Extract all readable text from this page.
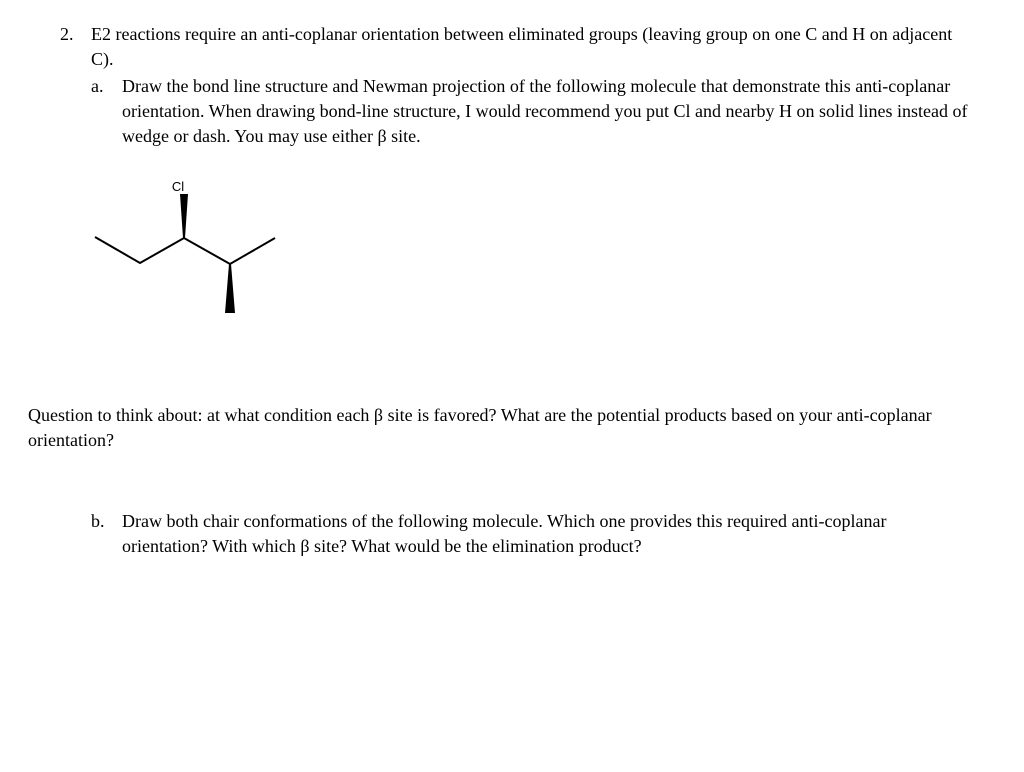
2. E2 reactions require an anti-coplanar orientation between eliminated groups (leaving group on one C and H on adjacent C).
a. Draw the bond line structure and Newman projection of the following molecule that demonstrate this anti-coplanar orientation. When drawing bond-line structure, I would recommend you put Cl and nearby H on solid lines instead of wedge or dash. You may use either β site.
Cl
Question to think about: at what condition each β site is favored? What are the potential products based on your anti-coplanar orientation?
b. Draw both chair conformations of the following molecule. Which one provides this required anti-coplanar orientation? With which β site? What would be the elimination product?
